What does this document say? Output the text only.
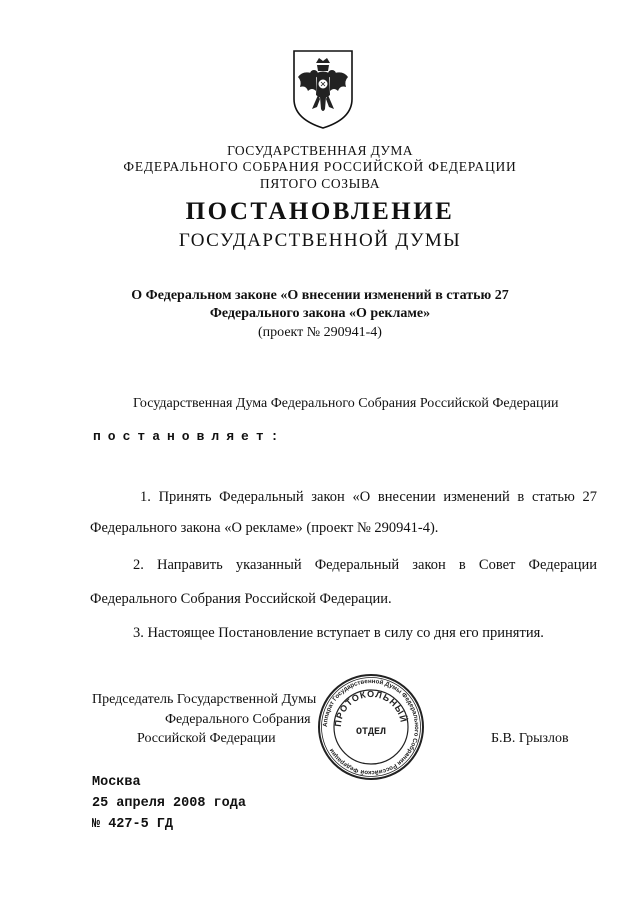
ГОСУДАРСТВЕННАЯ ДУМА
ФЕДЕРАЛЬНОГО СОБРАНИЯ РОССИЙСКОЙ ФЕДЕРАЦИИ
ПЯТОГО СОЗЫВА
ПОСТАНОВЛЕНИЕ
ГОСУДАРСТВЕННОЙ ДУМЫ
О Федеральном законе «О внесении изменений в статью 27
Федерального закона «О рекламе»
(проект № 290941-4)
Государственная Дума Федерального Собрания Российской Федерации
постановляет:
1. Принять Федеральный закон «О внесении изменений в статью 27
Федерального закона «О рекламе» (проект № 290941-4).
2. Направить указанный Федеральный закон в Совет Федерации
Федерального Собрания Российской Федерации.
3. Настоящее Постановление вступает в силу со дня его принятия.
Председатель Государственной Думы
Федерального Собрания
Российской Федерации	Б.В. Грызлов
Аппарат Государственной Думы Федерального Собрания Российской Федерации
ПРОТОКОЛЬНЫЙ
ОТДЕЛ
Москва
25 апреля 2008 года
№ 427-5 ГД
